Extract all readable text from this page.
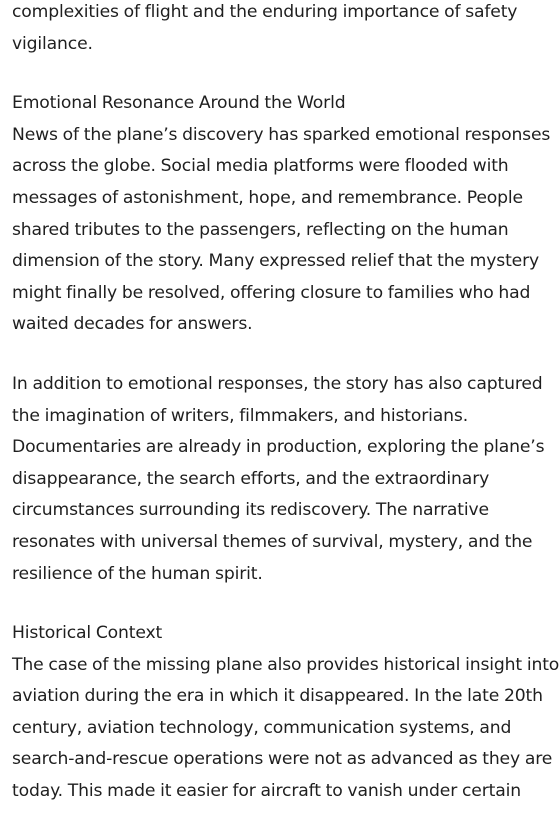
complexities of flight and the enduring importance of safety
vigilance.
Emotional Resonance Around the World
News of the plane’s discovery has sparked emotional responses
across the globe. Social media platforms were flooded with
messages of astonishment, hope, and remembrance. People
shared tributes to the passengers, reflecting on the human
dimension of the story. Many expressed relief that the mystery
might finally be resolved, offering closure to families who had
waited decades for answers.
In addition to emotional responses, the story has also captured
the imagination of writers, filmmakers, and historians.
Documentaries are already in production, exploring the plane’s
disappearance, the search efforts, and the extraordinary
circumstances surrounding its rediscovery. The narrative
resonates with universal themes of survival, mystery, and the
resilience of the human spirit.
Historical Context
The case of the missing plane also provides historical insight into
aviation during the era in which it disappeared. In the late 20th
century, aviation technology, communication systems, and
search-and-rescue operations were not as advanced as they are
today. This made it easier for aircraft to vanish under certain
